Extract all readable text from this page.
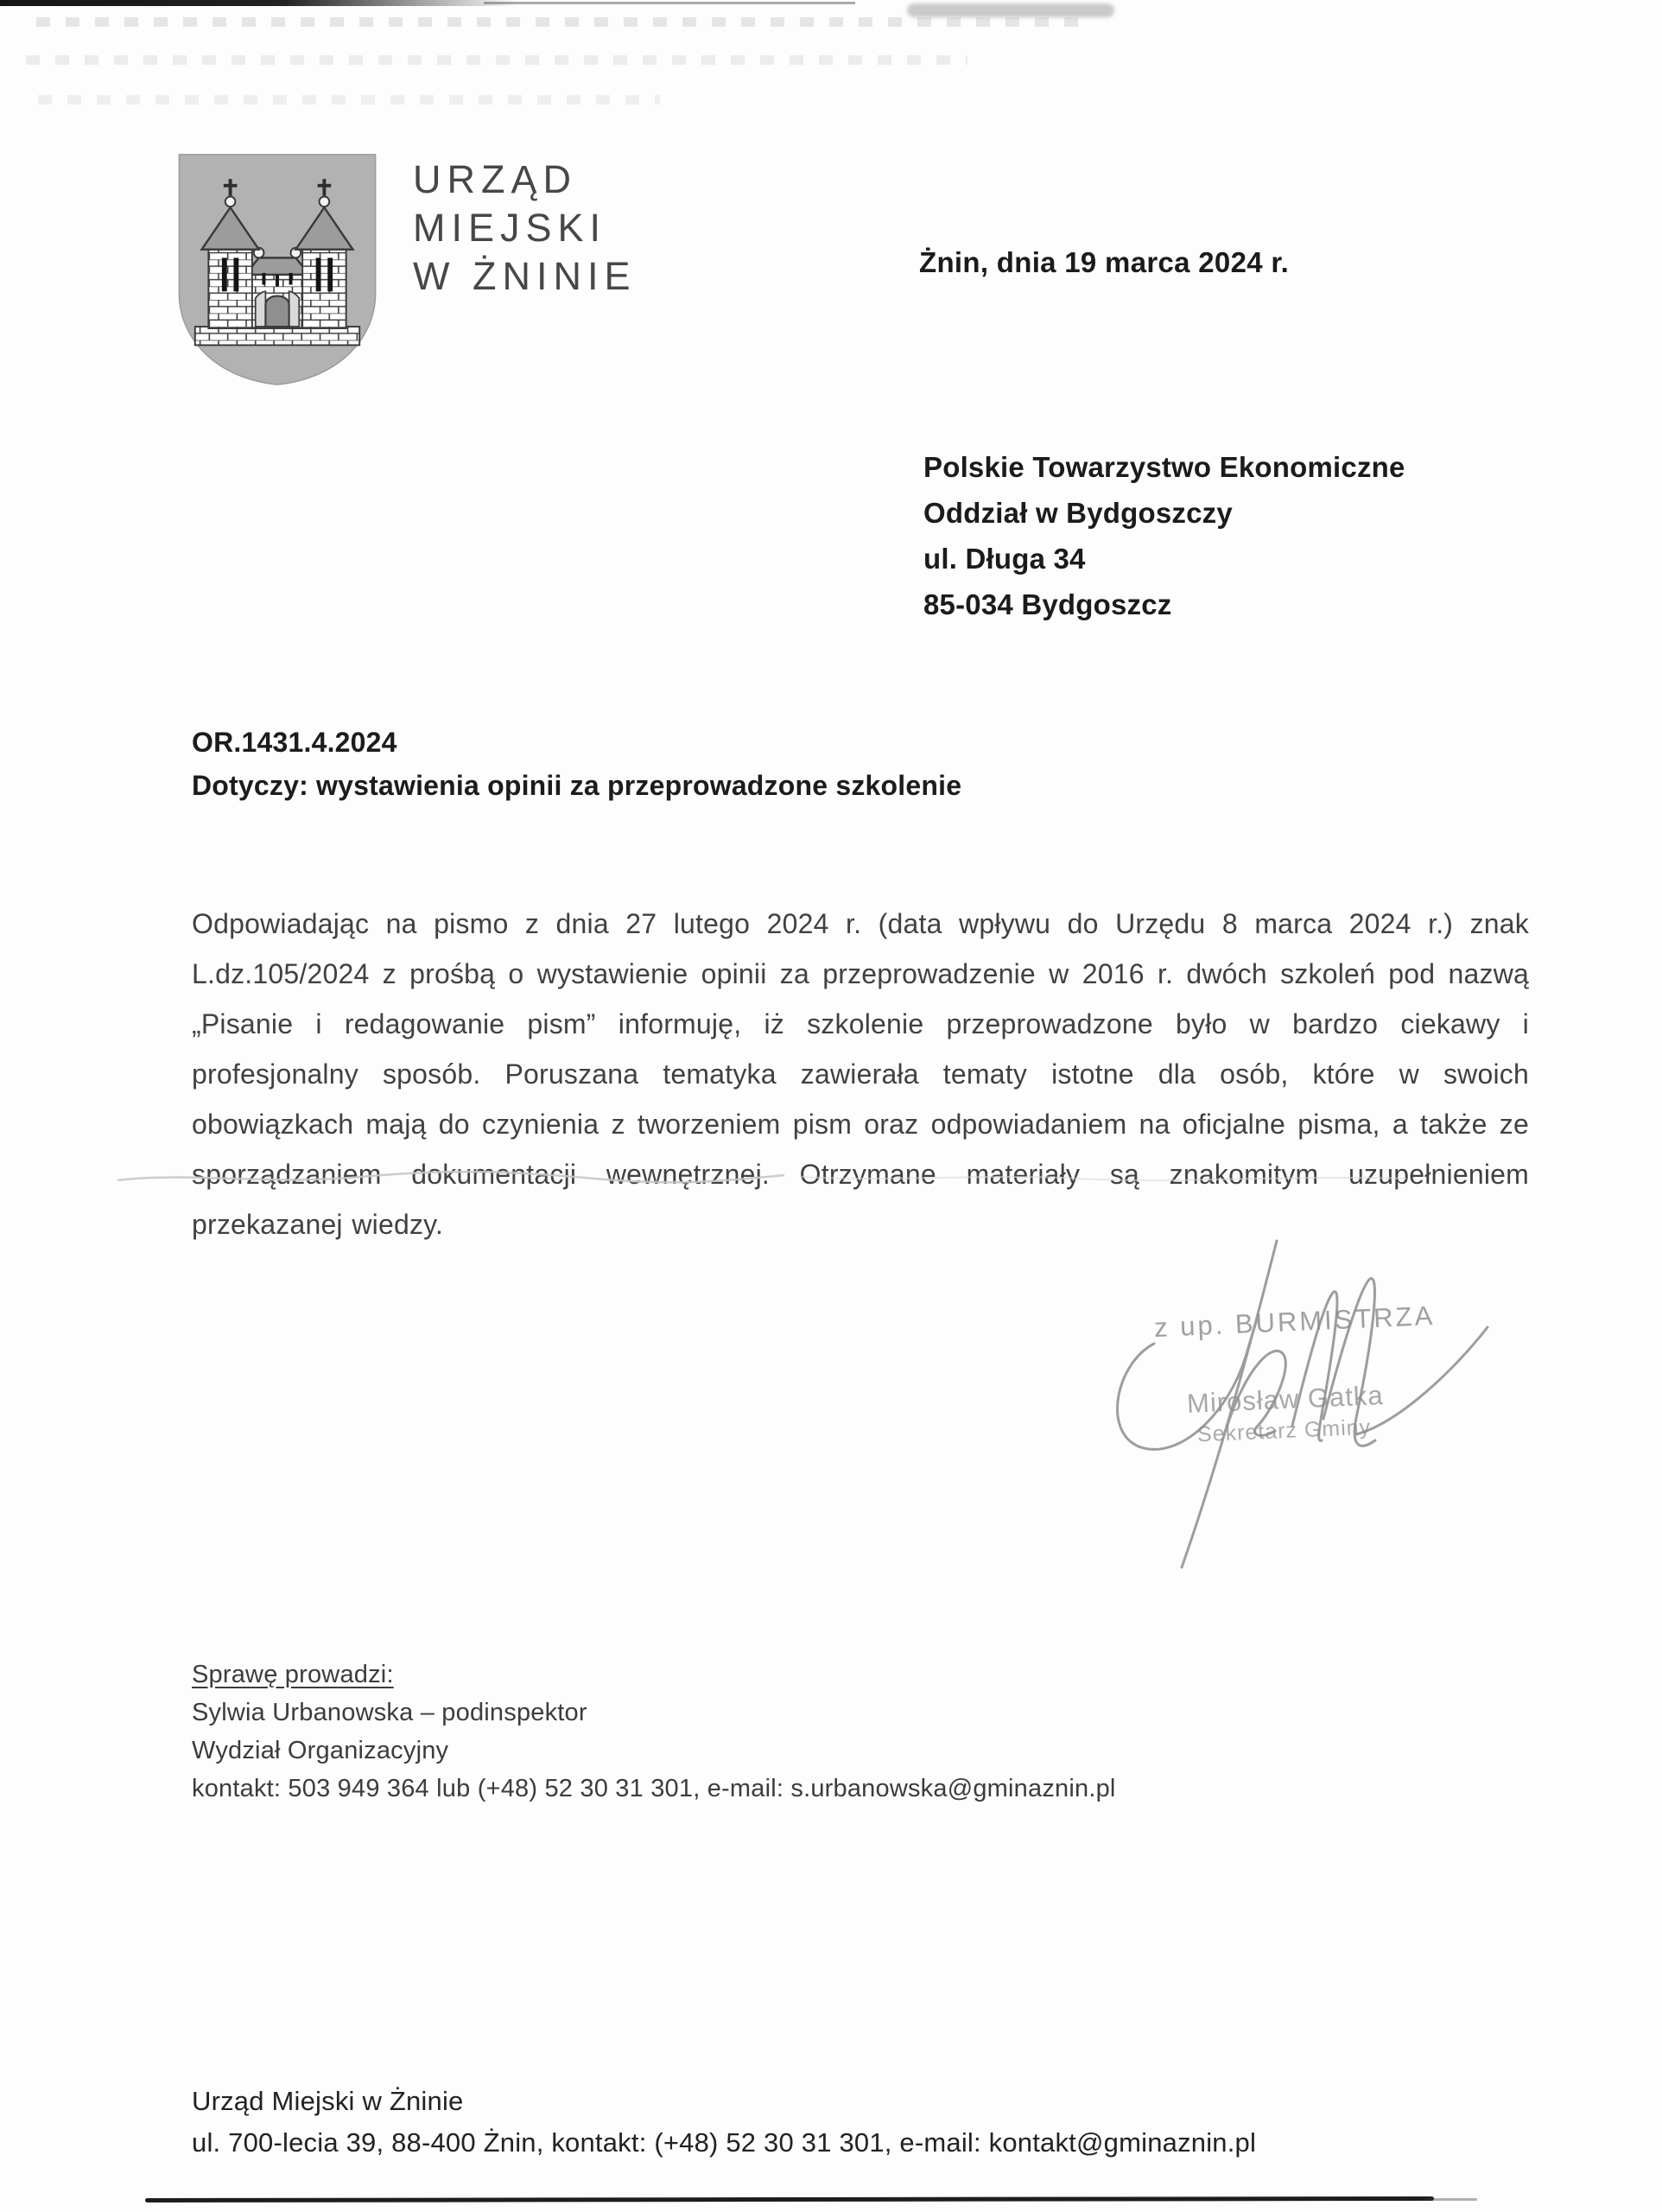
URZĄD
MIEJSKI
W ŻNINIE	Żnin, dnia 19 marca 2024 r.
Polskie Towarzystwo Ekonomiczne
Oddział w Bydgoszczy
ul. Długa 34
85-034 Bydgoszcz
OR.1431.4.2024
Dotyczy: wystawienia opinii za przeprowadzone szkolenie
Odpowiadając na pismo z dnia 27 lutego 2024 r. (data wpływu do Urzędu 8 marca 2024 r.) znak L.dz.105/2024 z prośbą o wystawienie opinii za przeprowadzenie w 2016 r. dwóch szkoleń pod nazwą „Pisanie i redagowanie pism” informuję, iż szkolenie przeprowadzone było w bardzo ciekawy i profesjonalny sposób. Poruszana tematyka zawierała tematy istotne dla osób, które w swoich obowiązkach mają do czynienia z tworzeniem pism oraz odpowiadaniem na oficjalne pisma, a także ze sporządzaniem dokumentacji wewnętrznej. Otrzymane materiały są znakomitym uzupełnieniem przekazanej wiedzy.
z up. BURMISTRZA
Mirosław Gatka
Sekretarz Gminy
Sprawę prowadzi:
Sylwia Urbanowska – podinspektor
Wydział Organizacyjny
kontakt: 503 949 364 lub (+48) 52 30 31 301, e-mail: s.urbanowska@gminaznin.pl
Urząd Miejski w Żninie
ul. 700-lecia 39, 88-400 Żnin, kontakt: (+48) 52 30 31 301, e-mail: kontakt@gminaznin.pl
